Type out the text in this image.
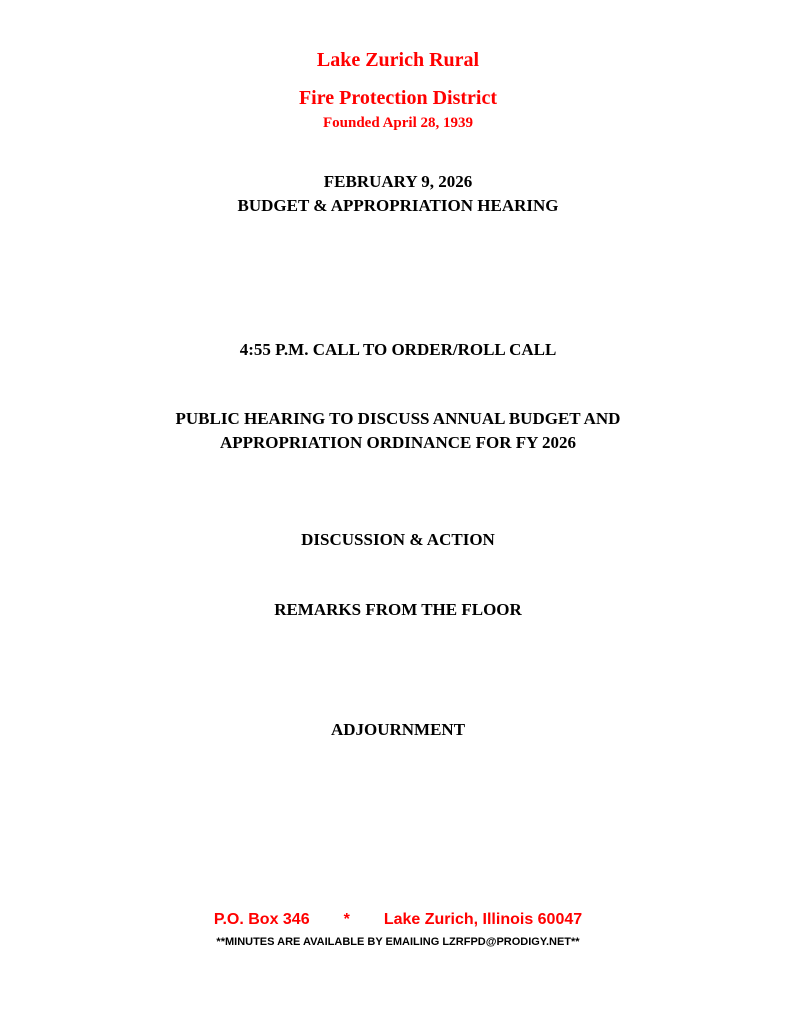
Lake Zurich Rural
Fire Protection District
Founded April 28, 1939
FEBRUARY 9, 2026
BUDGET & APPROPRIATION HEARING
4:55 P.M. CALL TO ORDER/ROLL CALL
PUBLIC HEARING TO DISCUSS ANNUAL BUDGET AND
APPROPRIATION ORDINANCE FOR FY 2026
DISCUSSION & ACTION
REMARKS FROM THE FLOOR
ADJOURNMENT
P.O. Box 346 * Lake Zurich, Illinois 60047
**MINUTES ARE AVAILABLE BY EMAILING LZRFPD@PRODIGY.NET**
